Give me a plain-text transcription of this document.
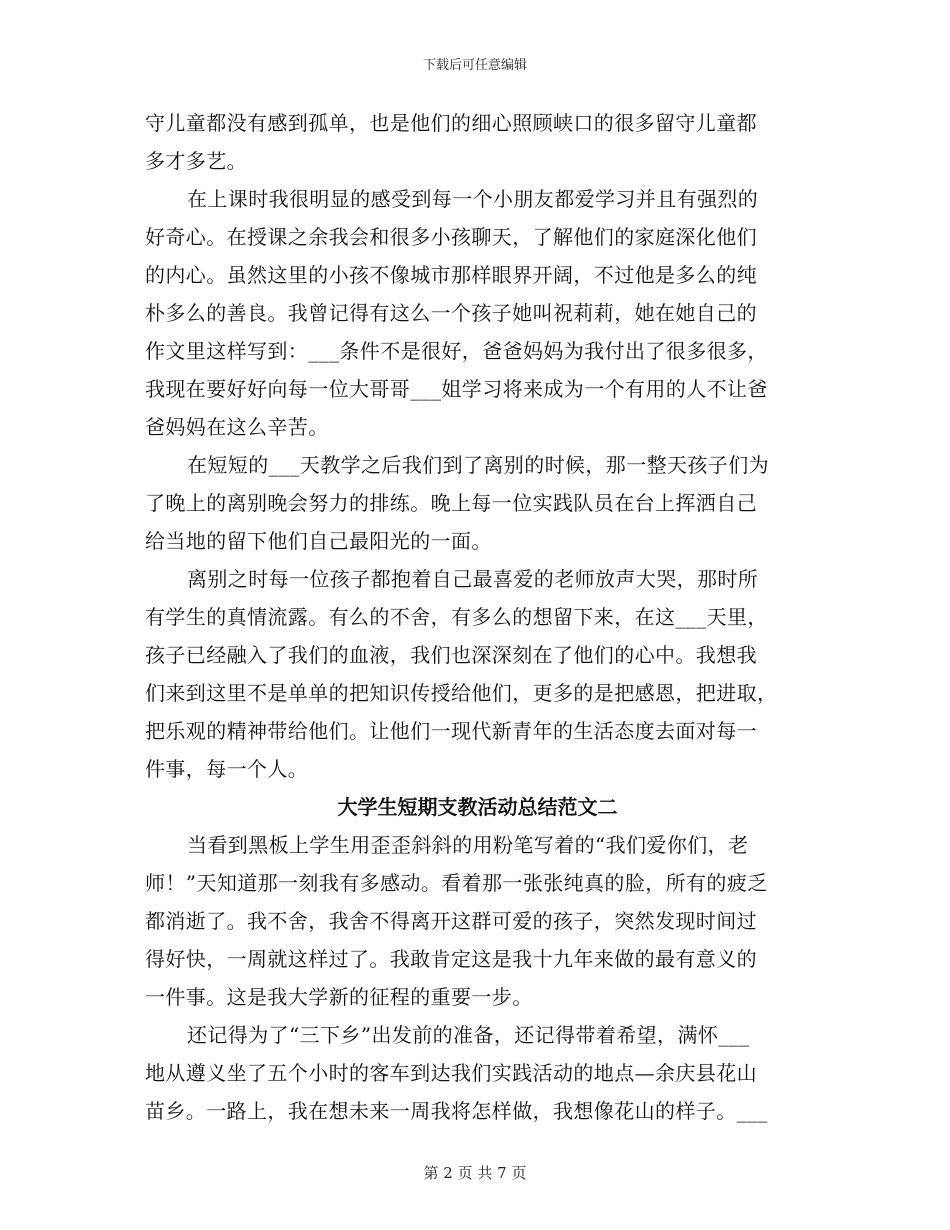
下载后可任意编辑
守儿童都没有感到孤单，也是他们的细心照顾峡口的很多留守儿童都
多才多艺。
在上课时我很明显的感受到每一个小朋友都爱学习并且有强烈的
好奇心。在授课之余我会和很多小孩聊天，了解他们的家庭深化他们
的内心。虽然这里的小孩不像城市那样眼界开阔，不过他是多么的纯
朴多么的善良。我曾记得有这么一个孩子她叫祝莉莉，她在她自己的
作文里这样写到：___条件不是很好，爸爸妈妈为我付出了很多很多，
我现在要好好向每一位大哥哥___姐学习将来成为一个有用的人不让爸
爸妈妈在这么辛苦。
在短短的___天教学之后我们到了离别的时候，那一整天孩子们为
了晚上的离别晚会努力的排练。晚上每一位实践队员在台上挥洒自己
给当地的留下他们自己最阳光的一面。
离别之时每一位孩子都抱着自己最喜爱的老师放声大哭，那时所
有学生的真情流露。有么的不舍，有多么的想留下来，在这___天里，
孩子已经融入了我们的血液，我们也深深刻在了他们的心中。我想我
们来到这里不是单单的把知识传授给他们，更多的是把感恩，把进取，
把乐观的精神带给他们。让他们一现代新青年的生活态度去面对每一
件事，每一个人。
大学生短期支教活动总结范文二
当看到黑板上学生用歪歪斜斜的用粉笔写着的“我们爱你们，老
师！”天知道那一刻我有多感动。看着那一张张纯真的脸，所有的疲乏
都消逝了。我不舍，我舍不得离开这群可爱的孩子，突然发现时间过
得好快，一周就这样过了。我敢肯定这是我十九年来做的最有意义的
一件事。这是我大学新的征程的重要一步。
还记得为了“三下乡”出发前的准备，还记得带着希望，满怀___
地从遵义坐了五个小时的客车到达我们实践活动的地点—余庆县花山
苗乡。一路上，我在想未来一周我将怎样做，我想像花山的样子。___
第 2 页 共 7 页
